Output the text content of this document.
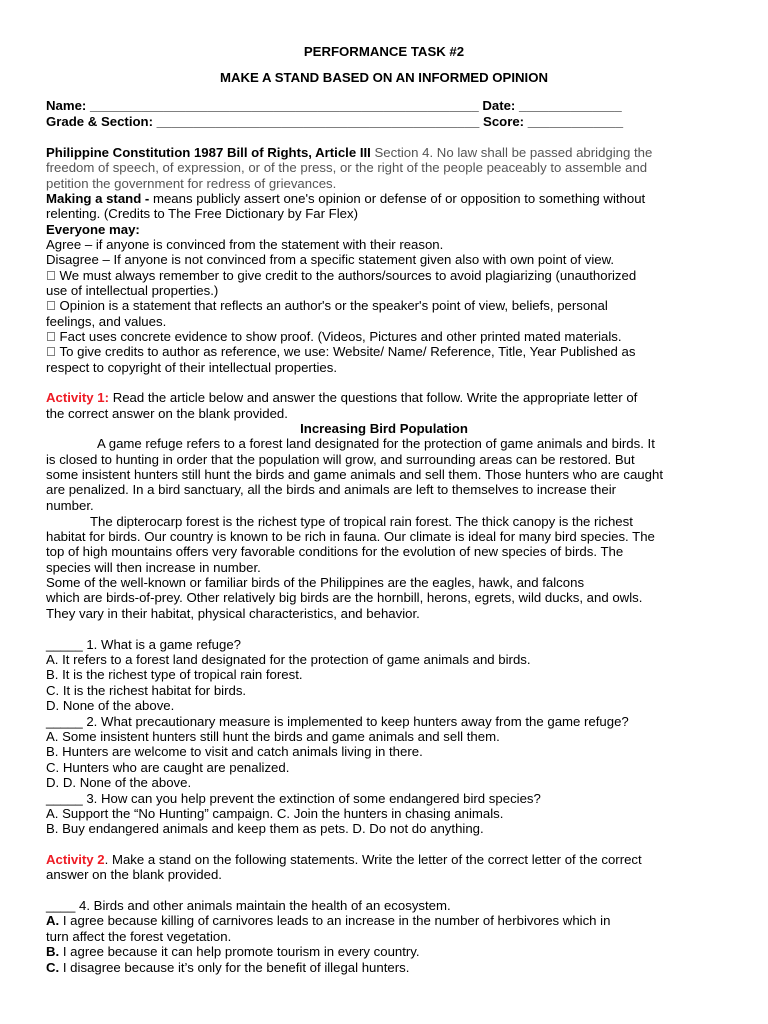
PERFORMANCE TASK #2
MAKE A STAND BASED ON AN INFORMED OPINION
Name: _____________________________________________________ Date: ______________
Grade & Section: ____________________________________________ Score: _____________
Philippine Constitution 1987 Bill of Rights, Article III Section 4. No law shall be passed abridging the
freedom of speech, of expression, or of the press, or the right of the people peaceably to assemble and
petition the government for redress of grievances.
Making a stand - means publicly assert one's opinion or defense of or opposition to something without
relenting. (Credits to The Free Dictionary by Far Flex)
Everyone may:
Agree – if anyone is convinced from the statement with their reason.
Disagree – If anyone is not convinced from a specific statement given also with own point of view.
We must always remember to give credit to the authors/sources to avoid plagiarizing (unauthorized
use of intellectual properties.)
Opinion is a statement that reflects an author's or the speaker's point of view, beliefs, personal
feelings, and values.
Fact uses concrete evidence to show proof. (Videos, Pictures and other printed mated materials.
To give credits to author as reference, we use: Website/ Name/ Reference, Title, Year Published as
respect to copyright of their intellectual properties.
Activity 1: Read the article below and answer the questions that follow. Write the appropriate letter of
the correct answer on the blank provided.
Increasing Bird Population
A game refuge refers to a forest land designated for the protection of game animals and birds. It
is closed to hunting in order that the population will grow, and surrounding areas can be restored. But
some insistent hunters still hunt the birds and game animals and sell them. Those hunters who are caught
are penalized. In a bird sanctuary, all the birds and animals are left to themselves to increase their
number.
The dipterocarp forest is the richest type of tropical rain forest. The thick canopy is the richest
habitat for birds. Our country is known to be rich in fauna. Our climate is ideal for many bird species. The
top of high mountains offers very favorable conditions for the evolution of new species of birds. The
species will then increase in number.
Some of the well-known or familiar birds of the Philippines are the eagles, hawk, and falcons
which are birds-of-prey. Other relatively big birds are the hornbill, herons, egrets, wild ducks, and owls.
They vary in their habitat, physical characteristics, and behavior.
_____ 1. What is a game refuge?
A. It refers to a forest land designated for the protection of game animals and birds.
B. It is the richest type of tropical rain forest.
C. It is the richest habitat for birds.
D. None of the above.
_____ 2. What precautionary measure is implemented to keep hunters away from the game refuge?
A. Some insistent hunters still hunt the birds and game animals and sell them.
B. Hunters are welcome to visit and catch animals living in there.
C. Hunters who are caught are penalized.
D. D. None of the above.
_____ 3. How can you help prevent the extinction of some endangered bird species?
A. Support the “No Hunting” campaign. C. Join the hunters in chasing animals.
B. Buy endangered animals and keep them as pets. D. Do not do anything.
Activity 2. Make a stand on the following statements. Write the letter of the correct letter of the correct
answer on the blank provided.
____ 4. Birds and other animals maintain the health of an ecosystem.
A. I agree because killing of carnivores leads to an increase in the number of herbivores which in
turn affect the forest vegetation.
B. I agree because it can help promote tourism in every country.
C. I disagree because it’s only for the benefit of illegal hunters.
